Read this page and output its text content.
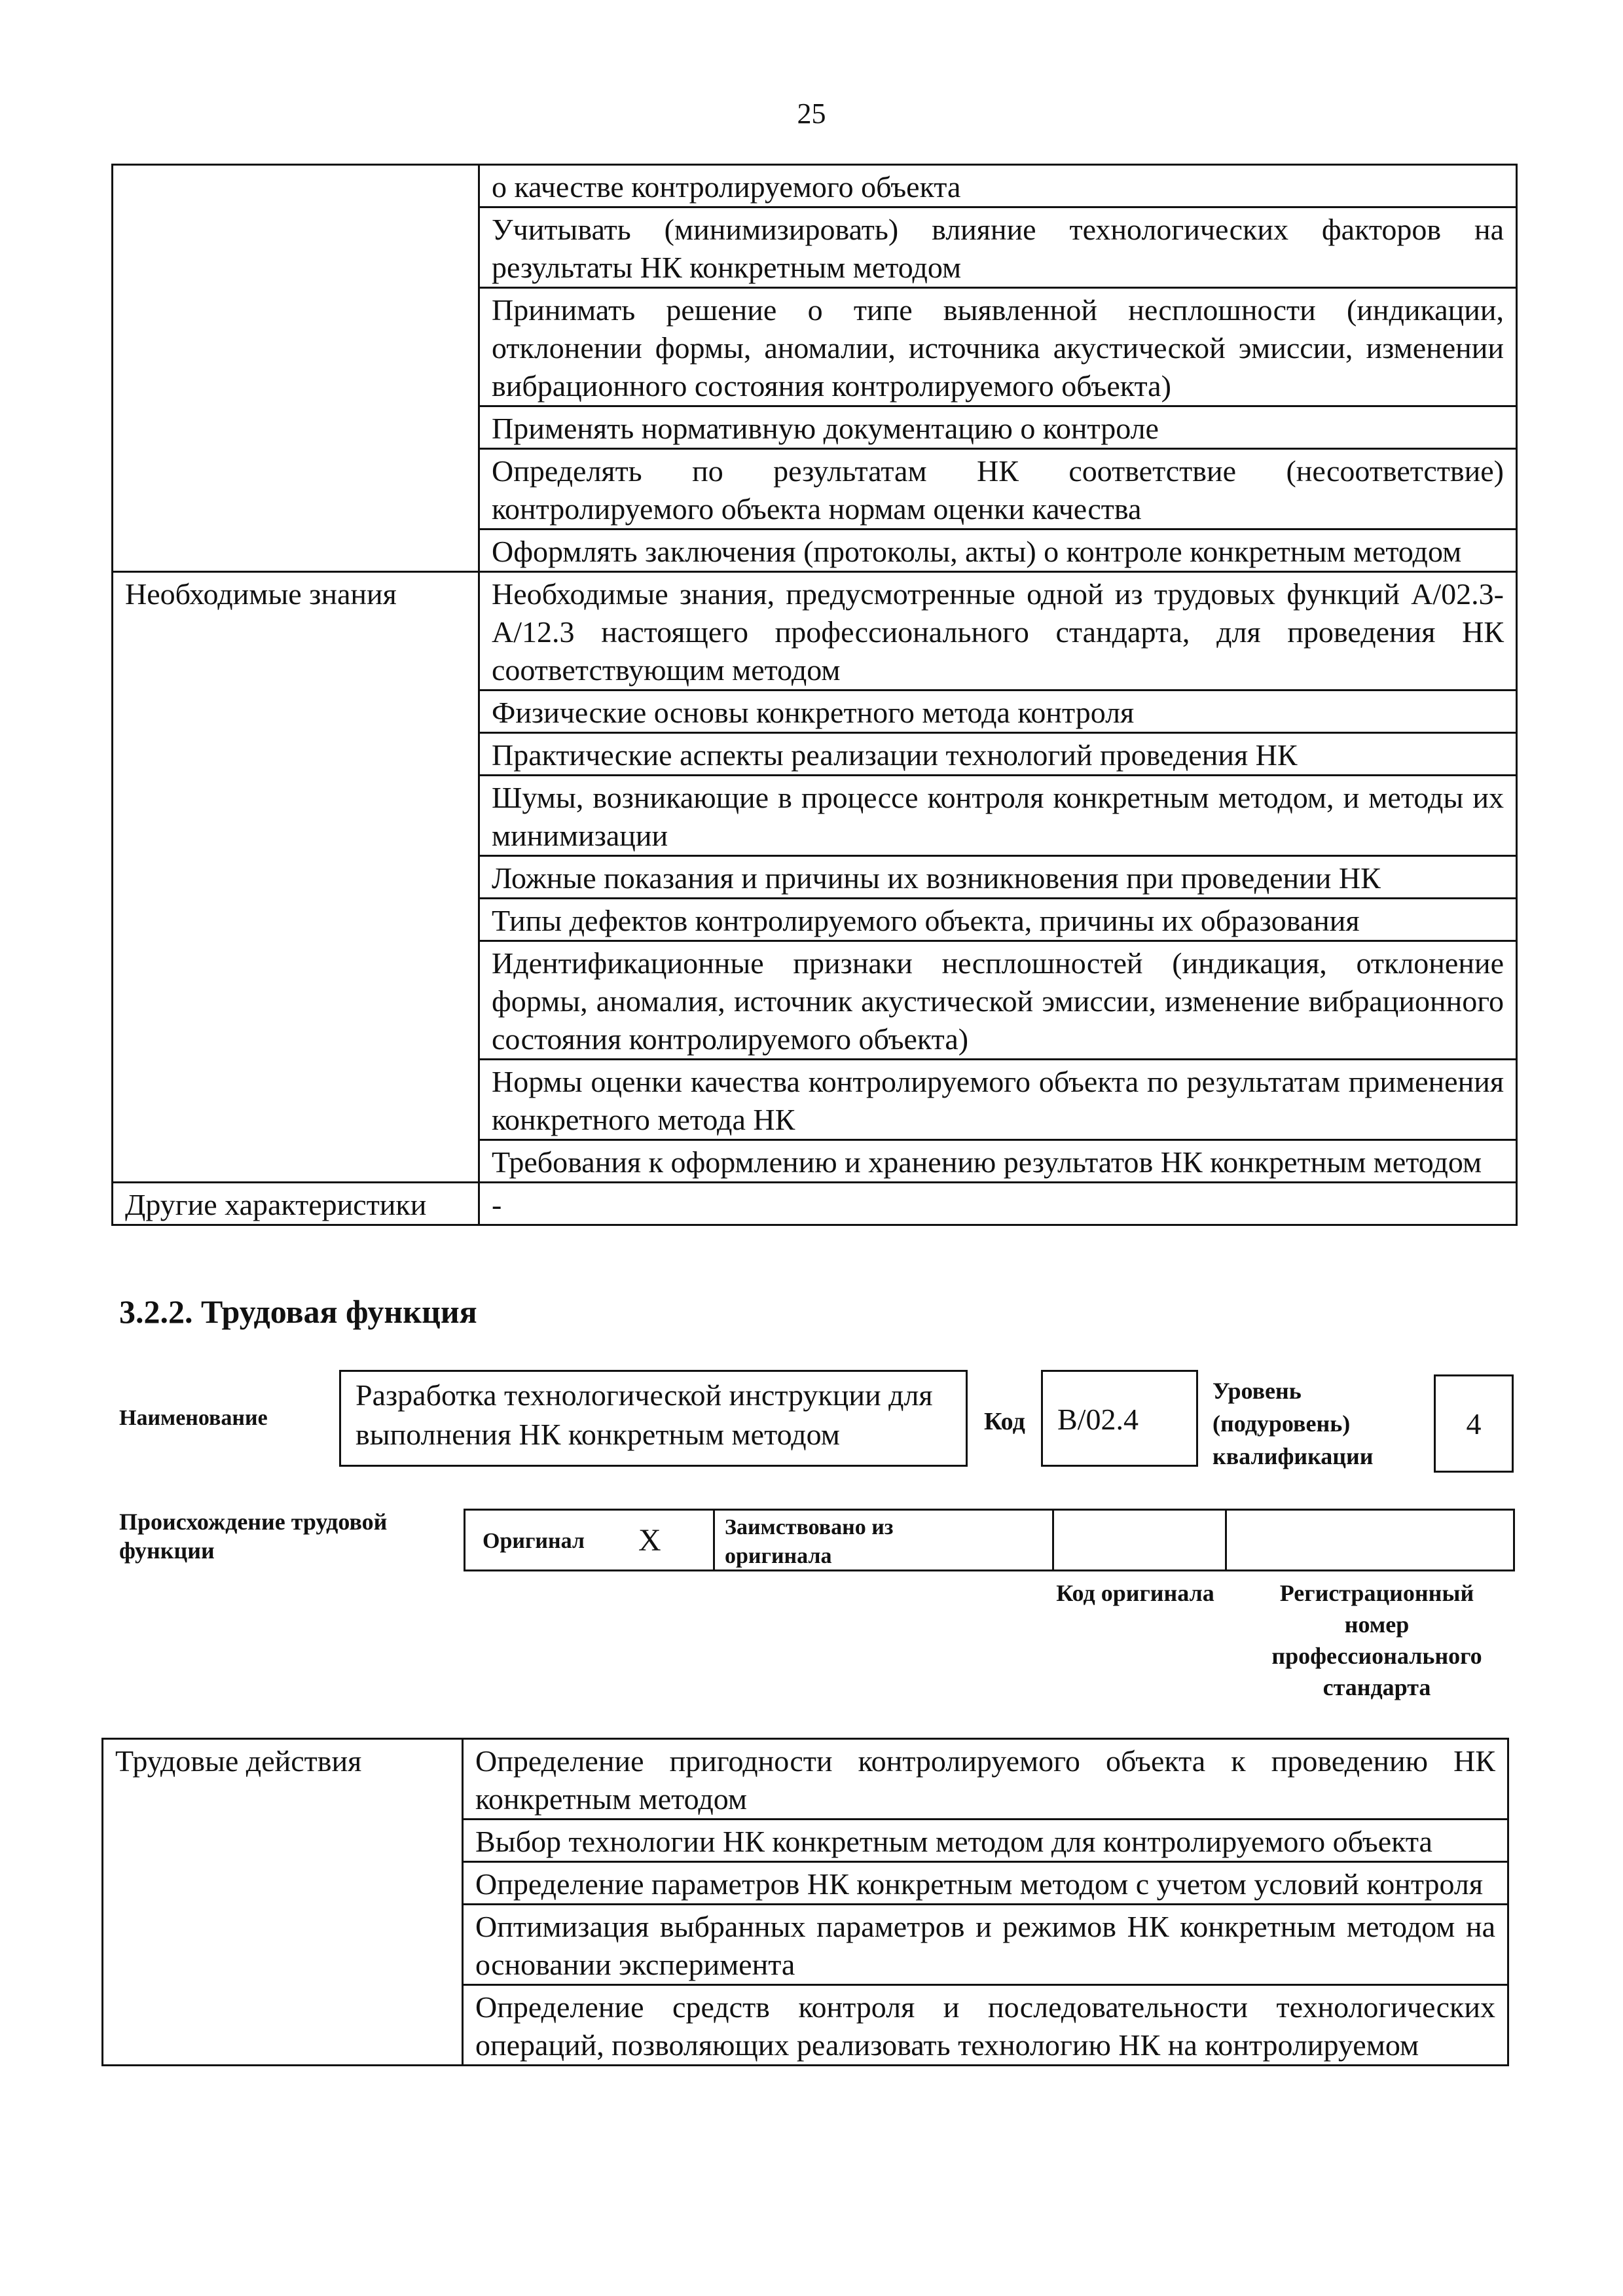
25
	о качестве контролируемого объекта
	Учитывать (минимизировать) влияние технологических факторов на результаты НК конкретным методом
	Принимать решение о типе выявленной несплошности (индикации, отклонении формы, аномалии, источника акустической эмиссии, изменении вибрационного состояния контролируемого объекта)
	Применять нормативную документацию о контроле
	Определять по результатам НК соответствие (несоответствие) контролируемого объекта нормам оценки качества
	Оформлять заключения (протоколы, акты) о контроле конкретным методом
Необходимые знания	Необходимые знания, предусмотренные одной из трудовых функций A/02.3-A/12.3 настоящего профессионального стандарта, для проведения НК соответствующим методом
	Физические основы конкретного метода контроля
	Практические аспекты реализации технологий проведения НК
	Шумы, возникающие в процессе контроля конкретным методом, и методы их минимизации
	Ложные показания и причины их возникновения при проведении НК
	Типы дефектов контролируемого объекта, причины их образования
	Идентификационные признаки несплошностей (индикация, отклонение формы, аномалия, источник акустической эмиссии, изменение вибрационного состояния контролируемого объекта)
	Нормы оценки качества контролируемого объекта по результатам применения конкретного метода НК
	Требования к оформлению и хранению результатов НК конкретным методом
Другие характеристики	-
3.2.2. Трудовая функция
Наименование
Разработка технологической инструкции для выполнения НК конкретным методом	Код B/02.4
Уровень (подуровень) квалификации
4
Происхождение трудовой функции	Оригинал X	Заимствовано из оригинала
Код оригинала	Регистрационный номер профессионального стандарта
Трудовые действия	Определение пригодности контролируемого объекта к проведению НК конкретным методом
Выбор технологии НК конкретным методом для контролируемого объекта
Определение параметров НК конкретным методом с учетом условий контроля
Оптимизация выбранных параметров и режимов НК конкретным методом на основании эксперимента
Определение средств контроля и последовательности технологических операций, позволяющих реализовать технологию НК на контролируемом
